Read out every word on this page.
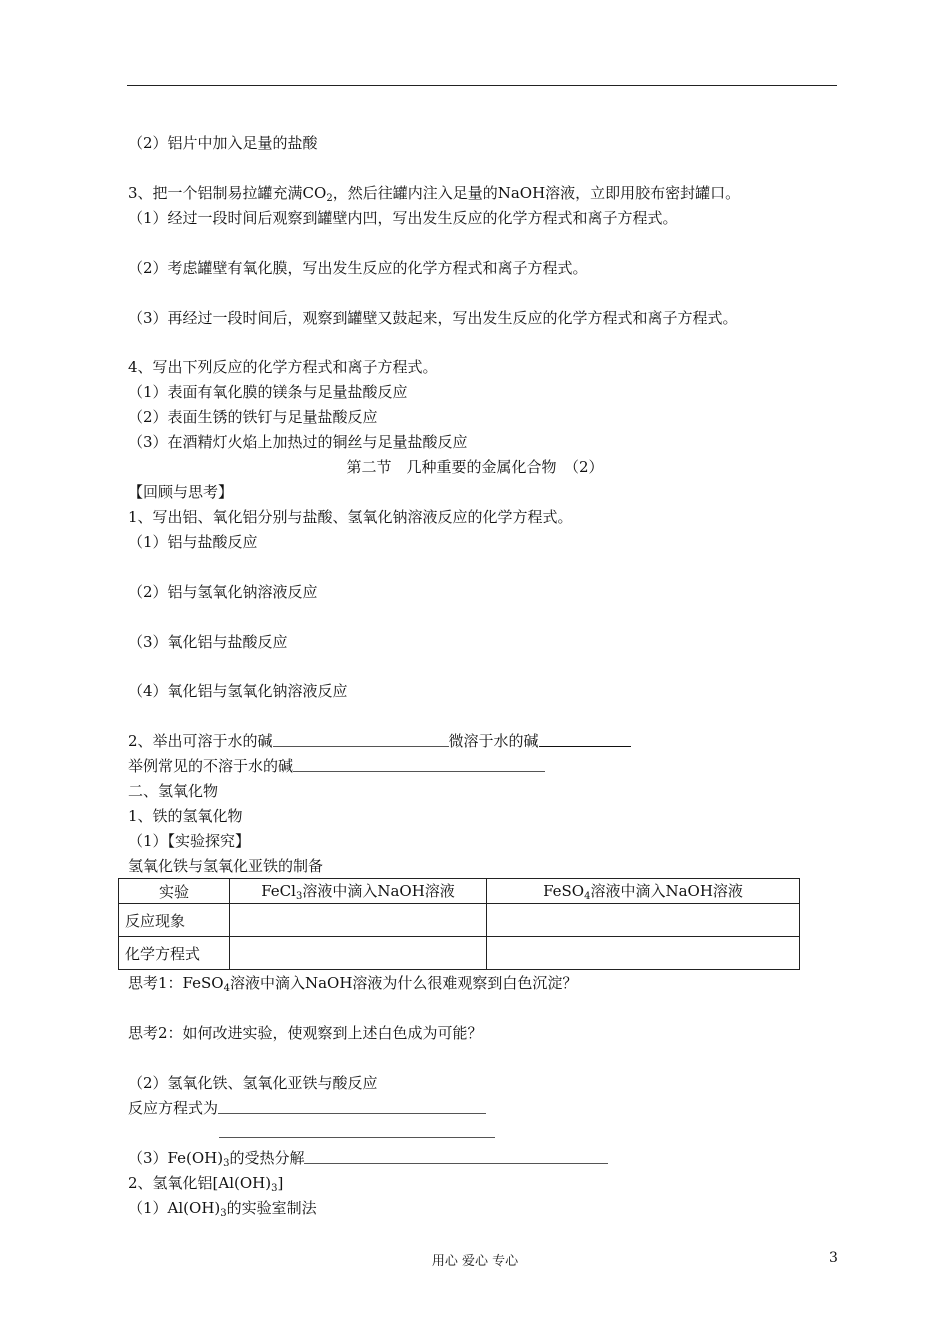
（2）铝片中加入足量的盐酸
3、把一个铝制易拉罐充满$CO_2$，然后往罐内注入足量的NaOH溶液，立即用胶布密封罐口。
（1）经过一段时间后观察到罐壁内凹，写出发生反应的化学方程式和离子方程式。
（2）考虑罐壁有氧化膜，写出发生反应的化学方程式和离子方程式。
（3）再经过一段时间后，观察到罐壁又鼓起来，写出发生反应的化学方程式和离子方程式。
4、写出下列反应的化学方程式和离子方程式。
（1）表面有氧化膜的镁条与足量盐酸反应
（2）表面生锈的铁钉与足量盐酸反应
（3）在酒精灯火焰上加热过的铜丝与足量盐酸反应
第二节　几种重要的金属化合物　（2）
【回顾与思考】
1、写出铝、氧化铝分别与盐酸、氢氧化钠溶液反应的化学方程式。
（1）铝与盐酸反应
（2）铝与氢氧化钠溶液反应
（3）氧化铝与盐酸反应
（4）氧化铝与氢氧化钠溶液反应
2、举出可溶于水的碱	微溶于水的碱
举例常见的不溶于水的碱
二、氢氧化物
1、铁的氢氧化物
（1）【实验探究】
氢氧化铁与氢氧化亚铁的制备
实验	FeCl$_3$溶液中滴入NaOH溶液	FeSO$_4$溶液中滴入NaOH溶液
反应现象		
化学方程式		
思考1：FeSO$_4$溶液中滴入NaOH溶液为什么很难观察到白色沉淀？
思考2：如何改进实验，使观察到上述白色成为可能？
（2）氢氧化铁、氢氧化亚铁与酸反应
反应方程式为
$(3)Fe(OH)_3$的受热分解
2、氢氧化铝$[Al(OH)_3]$
$(1)Al(OH)_3$的实验室制法
用心 爱心 专心	3
